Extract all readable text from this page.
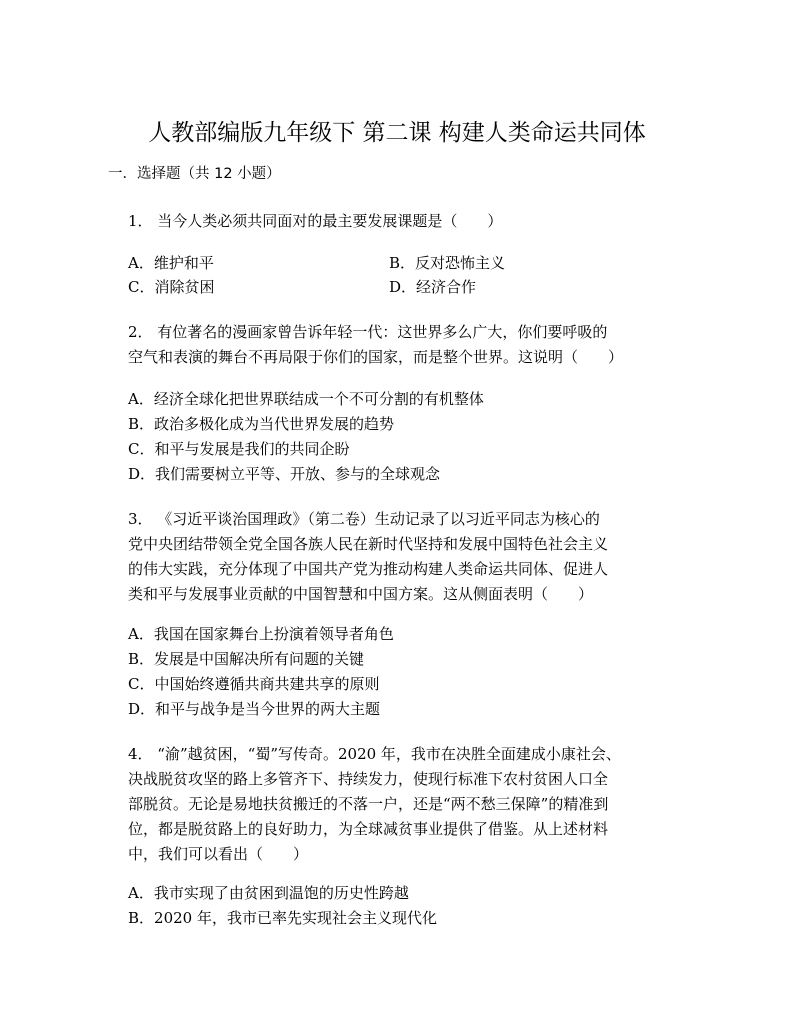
人教部编版九年级下 第二课 构建人类命运共同体
一．选择题（共 12 小题）
1． 当今人类必须共同面对的最主要发展课题是（　　）
A．维护和平	B．反对恐怖主义
C．消除贫困	D．经济合作
2． 有位著名的漫画家曾告诉年轻一代：这世界多么广大，你们要呼吸的
空气和表演的舞台不再局限于你们的国家，而是整个世界。这说明（　　）
A．经济全球化把世界联结成一个不可分割的有机整体
B．政治多极化成为当代世界发展的趋势
C．和平与发展是我们的共同企盼
D．我们需要树立平等、开放、参与的全球观念
3． 《习近平谈治国理政》（第二卷）生动记录了以习近平同志为核心的
党中央团结带领全党全国各族人民在新时代坚持和发展中国特色社会主义
的伟大实践，充分体现了中国共产党为推动构建人类命运共同体、促进人
类和平与发展事业贡献的中国智慧和中国方案。这从侧面表明（　　）
A．我国在国家舞台上扮演着领导者角色
B．发展是中国解决所有问题的关键
C．中国始终遵循共商共建共享的原则
D．和平与战争是当今世界的两大主题
4． “渝”越贫困，“蜀”写传奇。2020 年，我市在决胜全面建成小康社会、
决战脱贫攻坚的路上多管齐下、持续发力，使现行标准下农村贫困人口全
部脱贫。无论是易地扶贫搬迁的不落一户，还是“两不愁三保障”的精准到
位，都是脱贫路上的良好助力，为全球减贫事业提供了借鉴。从上述材料
中，我们可以看出（　　）
A．我市实现了由贫困到温饱的历史性跨越
B．2020 年，我市已率先实现社会主义现代化
